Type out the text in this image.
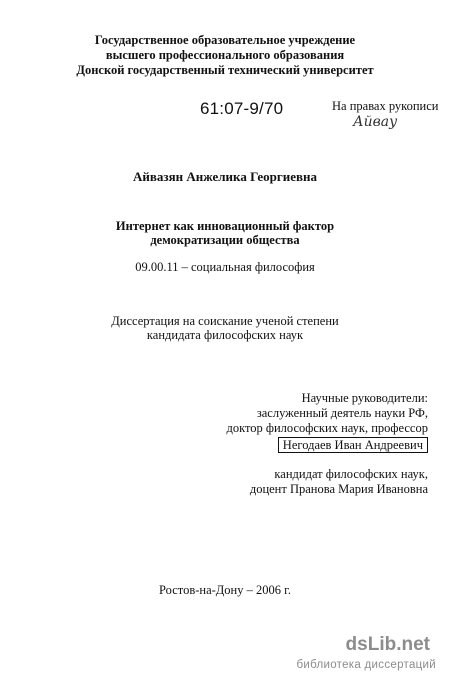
Государственное образовательное учреждение
высшего профессионального образования
Донской государственный технический университет
61:07-9/70	На правах рукописи
Айвау
Айвазян Анжелика Георгиевна
Интернет как инновационный фактор
демократизации общества
09.00.11 – социальная философия
Диссертация на соискание ученой степени
кандидата философских наук
Научные руководители:
заслуженный деятель науки РФ,
доктор философских наук, профессор
Негодаев Иван Андреевич
кандидат философских наук,
доцент Пранова Мария Ивановна
Ростов-на-Дону – 2006 г.
dsLib.net
библиотека диссертаций
